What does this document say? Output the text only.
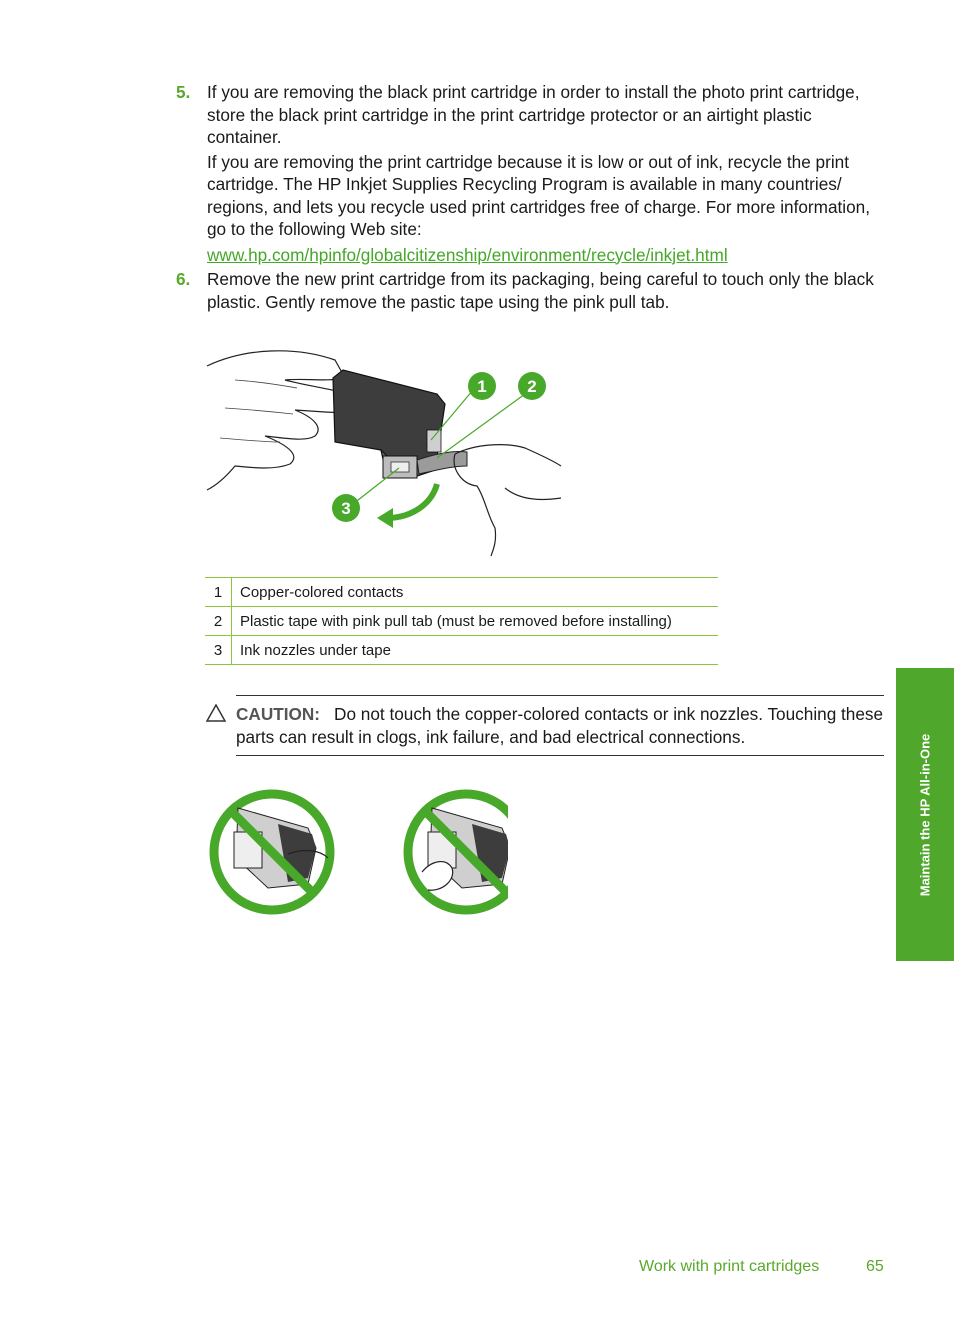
5. If you are removing the black print cartridge in order to install the photo print cartridge, store the black print cartridge in the print cartridge protector or an airtight plastic container.

If you are removing the print cartridge because it is low or out of ink, recycle the print cartridge. The HP Inkjet Supplies Recycling Program is available in many countries/ regions, and lets you recycle used print cartridges free of charge. For more information, go to the following Web site:

www.hp.com/hpinfo/globalcitizenship/environment/recycle/inkjet.html

6. Remove the new print cartridge from its packaging, being careful to touch only the black plastic. Gently remove the pastic tape using the pink pull tab.

1 2
3
1	Copper-colored contacts
2	Plastic tape with pink pull tab (must be removed before installing)
3	Ink nozzles under tape
CAUTION: Do not touch the copper-colored contacts or ink nozzles. Touching these parts can result in clogs, ink failure, and bad electrical connections.	Maintain the HP All-in-One
Work with print cartridges	65
